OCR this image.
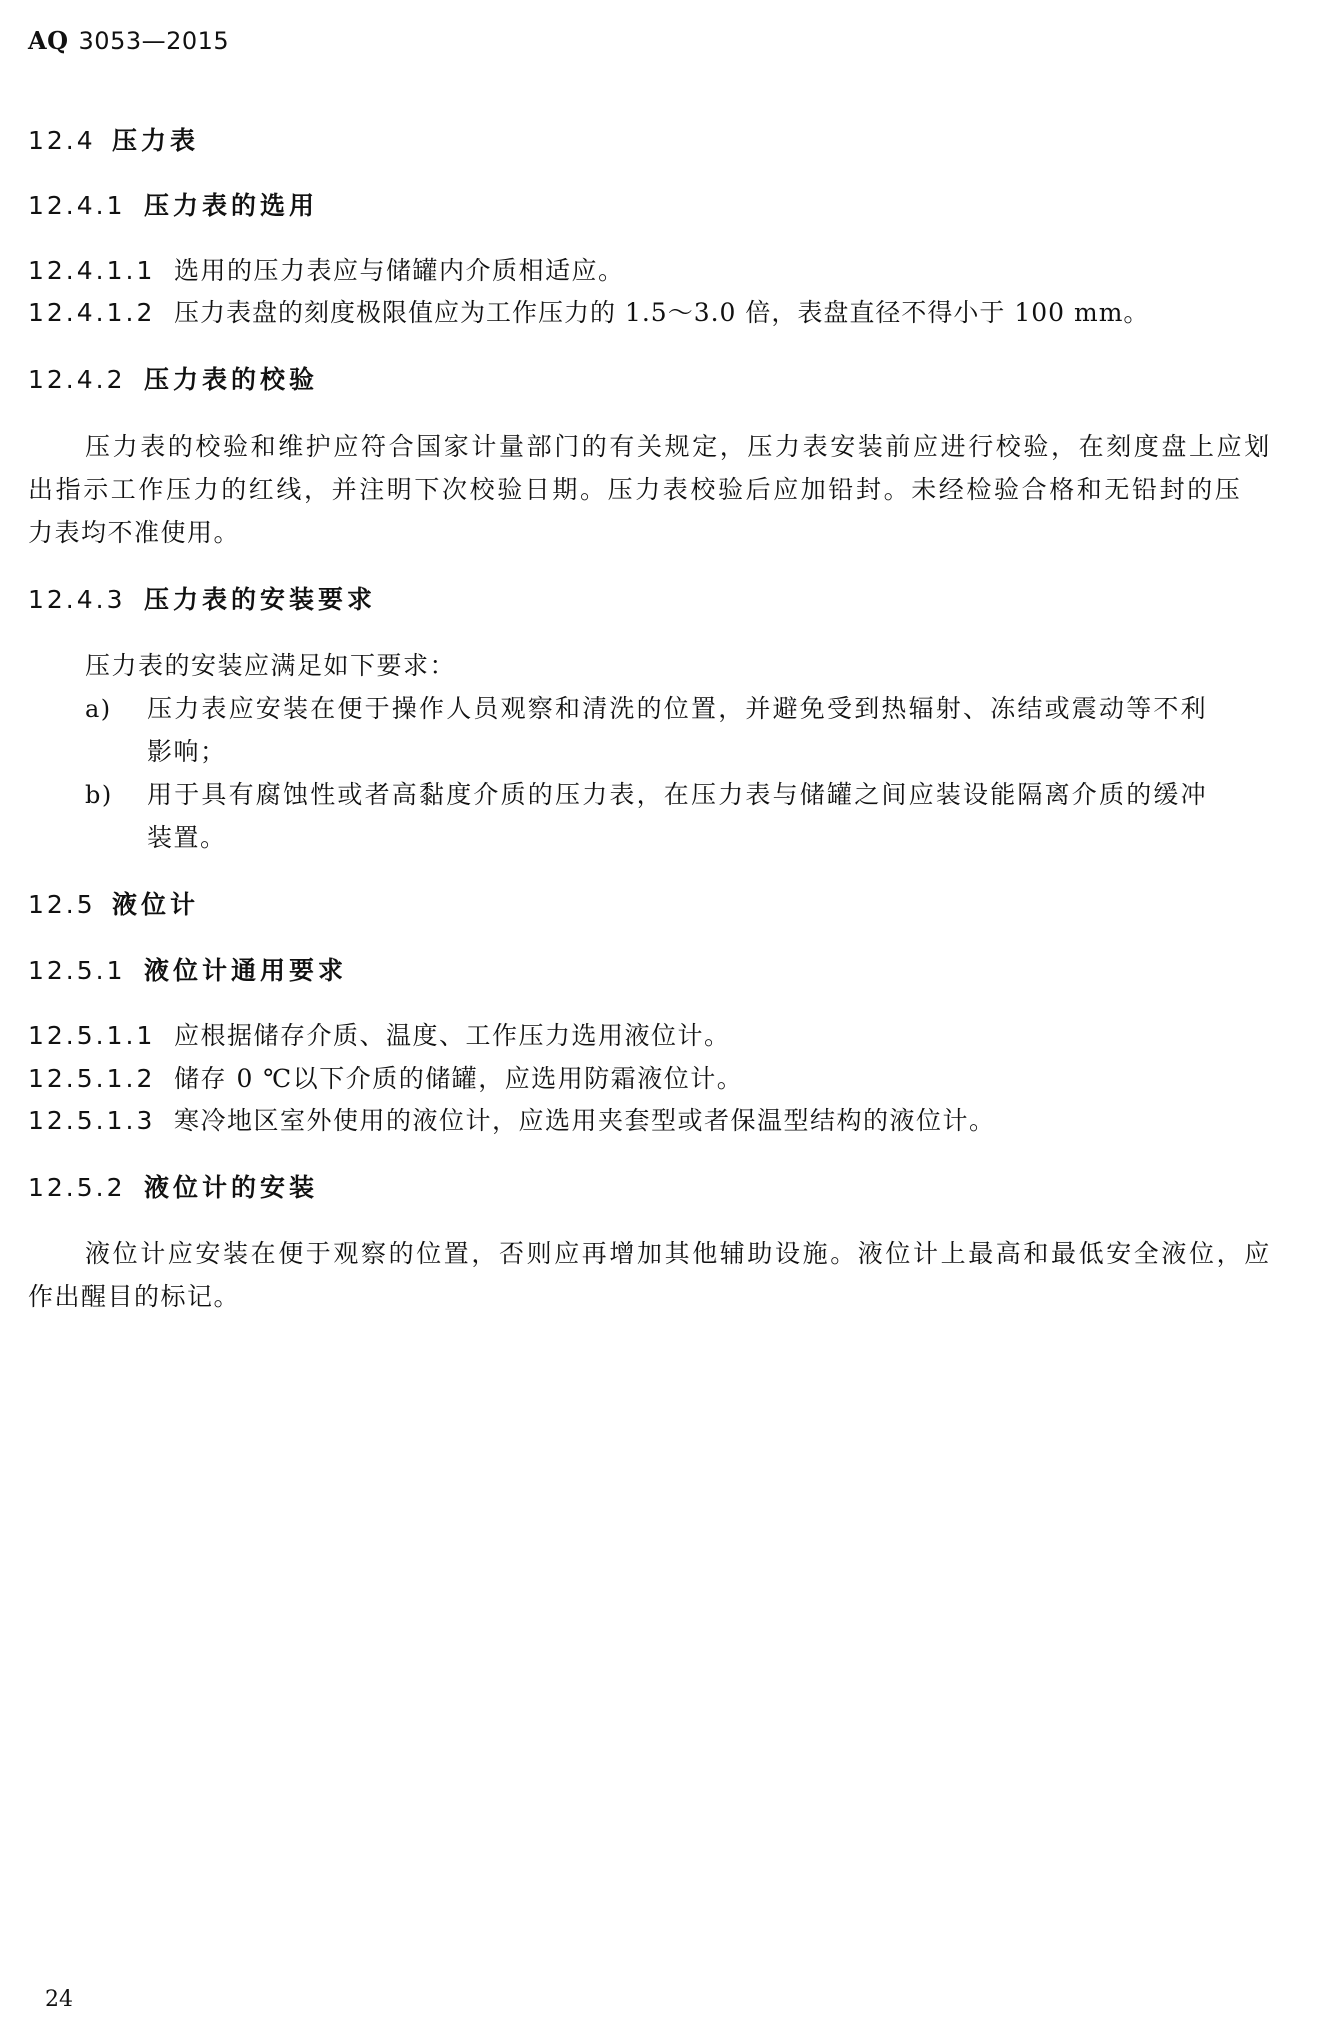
AQ 3053—2015
12.4 压力表
12.4.1 压力表的选用
12.4.1.1 选用的压力表应与储罐内介质相适应。
12.4.1.2 压力表盘的刻度极限值应为工作压力的 1.5～3.0 倍，表盘直径不得小于 100 mm。
12.4.2 压力表的校验
压力表的校验和维护应符合国家计量部门的有关规定，压力表安装前应进行校验，在刻度盘上应划
出指示工作压力的红线，并注明下次校验日期。压力表校验后应加铅封。未经检验合格和无铅封的压
力表均不准使用。
12.4.3 压力表的安装要求
压力表的安装应满足如下要求：
a) 压力表应安装在便于操作人员观察和清洗的位置，并避免受到热辐射、冻结或震动等不利
影响；
b) 用于具有腐蚀性或者高黏度介质的压力表，在压力表与储罐之间应装设能隔离介质的缓冲
装置。
12.5 液位计
12.5.1 液位计通用要求
12.5.1.1 应根据储存介质、温度、工作压力选用液位计。
12.5.1.2 储存 0 ℃以下介质的储罐，应选用防霜液位计。
12.5.1.3 寒冷地区室外使用的液位计，应选用夹套型或者保温型结构的液位计。
12.5.2 液位计的安装
液位计应安装在便于观察的位置，否则应再增加其他辅助设施。液位计上最高和最低安全液位，应
作出醒目的标记。
24
